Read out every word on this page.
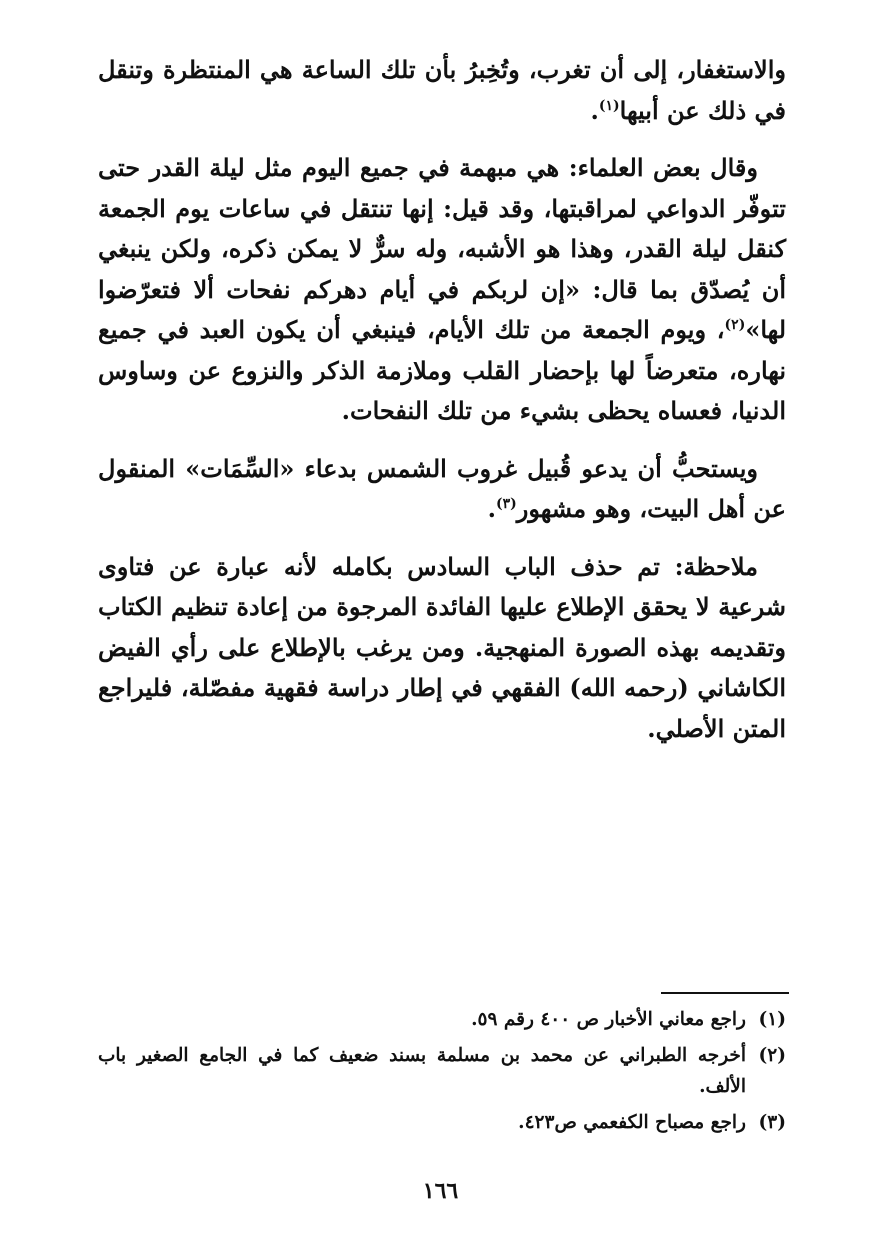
والاستغفار، إلى أن تغرب، وتُخِبرُ بأن تلك الساعة هي المنتظرة وتنقل في ذلك عن أبيها$^{(١)}$.

وقال بعض العلماء: هي مبهمة في جميع اليوم مثل ليلة القدر حتى تتوفّر الدواعي لمراقبتها، وقد قيل: إنها تنتقل في ساعات يوم الجمعة كنقل ليلة القدر، وهذا هو الأشبه، وله سرٌّ لا يمكن ذكره، ولكن ينبغي أن يُصدّق بما قال: «إن لربكم في أيام دهركم نفحات ألا فتعرّضوا لها»$^{(٢)}$، ويوم الجمعة من تلك الأيام، فينبغي أن يكون العبد في جميع نهاره، متعرضاً لها بإحضار القلب وملازمة الذكر والنزوع عن وساوس الدنيا، فعساه يحظى بشيء من تلك النفحات.

ويستحبُّ أن يدعو قُبيل غروب الشمس بدعاء «السِّمَات» المنقول عن أهل البيت، وهو مشهور$^{(٣)}$.

ملاحظة: تم حذف الباب السادس بكامله لأنه عبارة عن فتاوى شرعية لا يحقق الإطلاع عليها الفائدة المرجوة من إعادة تنظيم الكتاب وتقديمه بهذه الصورة المنهجية. ومن يرغب بالإطلاع على رأي الفيض الكاشاني (رحمه الله) الفقهي في إطار دراسة فقهية مفصّلة، فليراجع المتن الأصلي.

(١)
راجع معاني الأخبار ص ٤٠٠ رقم ٥٩.
(٢)
أخرجه الطبراني عن محمد بن مسلمة بسند ضعيف كما في الجامع الصغير باب الألف.
(٣)
راجع مصباح الكفعمي ص٤٢٣.
١٦٦
